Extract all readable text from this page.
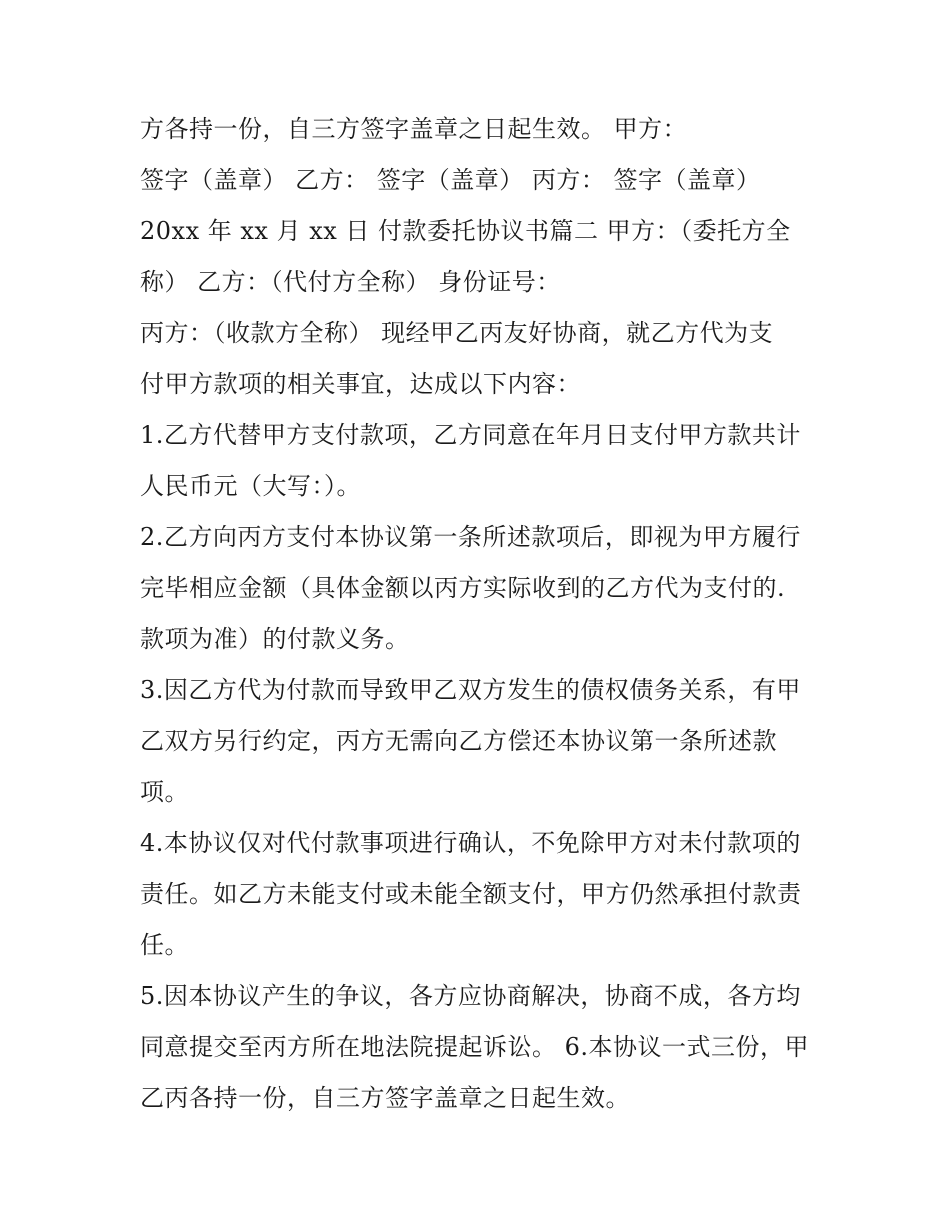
方各持一份，自三方签字盖章之日起生效。 甲方：
签字（盖章） 乙方： 签字（盖章） 丙方： 签字（盖章）
20xx 年 xx 月 xx 日 付款委托协议书篇二 甲方：（委托方全
称） 乙方：（代付方全称） 身份证号：
丙方：（收款方全称） 现经甲乙丙友好协商，就乙方代为支
付甲方款项的相关事宜，达成以下内容：
1.乙方代替甲方支付款项，乙方同意在年月日支付甲方款共计
人民币元（大写：）。
2.乙方向丙方支付本协议第一条所述款项后，即视为甲方履行
完毕相应金额（具体金额以丙方实际收到的乙方代为支付的.
款项为准）的付款义务。
3.因乙方代为付款而导致甲乙双方发生的债权债务关系，有甲
乙双方另行约定，丙方无需向乙方偿还本协议第一条所述款
项。
4.本协议仅对代付款事项进行确认，不免除甲方对未付款项的
责任。如乙方未能支付或未能全额支付，甲方仍然承担付款责
任。
5.因本协议产生的争议，各方应协商解决，协商不成，各方均
同意提交至丙方所在地法院提起诉讼。 6.本协议一式三份，甲
乙丙各持一份，自三方签字盖章之日起生效。
